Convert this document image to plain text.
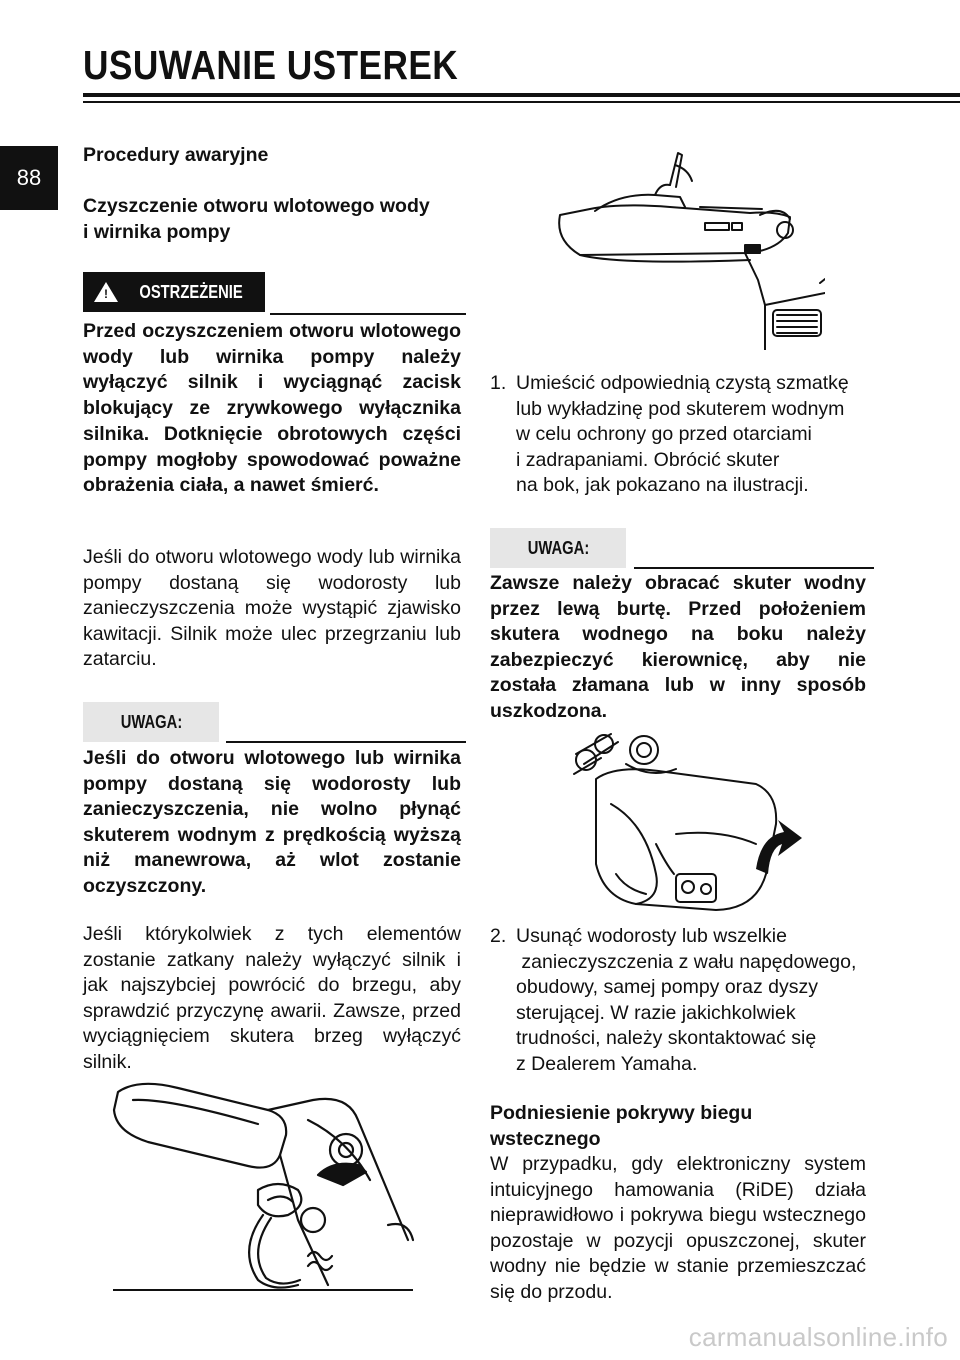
USUWANIE USTEREK
88
Procedury awaryjne
Czyszczenie otworu wlotowego wody
i wirnika pompy
! OSTRZEŻENIE
Przed oczyszczeniem otworu wlotowego wody lub wirnika pompy należy wyłączyć silnik i wyciągnąć zacisk blokujący ze zrywkowego wyłącznika silnika. Dotknięcie obrotowych części pompy mogłoby spowodować poważne obrażenia ciała, a nawet śmierć.
Jeśli do otworu wlotowego wody lub wirnika pompy dostaną się wodorosty lub zanieczyszczenia może wystąpić zjawisko kawitacji. Silnik może ulec przegrzaniu lub zatarciu.
UWAGA:
Jeśli do otworu wlotowego lub wirnika pompy dostaną się wodorosty lub zanieczyszczenia, nie wolno płynąć skuterem wodnym z prędkością wyższą niż manewrowa, aż wlot zostanie oczyszczony.
Jeśli którykolwiek z tych elementów zostanie zatkany należy wyłączyć silnik i jak najszybciej powrócić do brzegu, aby sprawdzić przyczynę awarii. Zawsze, przed wyciągnięciem skutera brzeg wyłączyć silnik.
1. Umieścić odpowiednią czystą szmatkę
lub wykładzinę pod skuterem wodnym
w celu ochrony go przed otarciami
i zadrapaniami. Obrócić skuter
na bok, jak pokazano na ilustracji.
UWAGA:
Zawsze należy obracać skuter wodny przez lewą burtę. Przed położeniem skutera wodnego na boku należy zabezpieczyć kierownicę, aby nie została złamana lub w inny sposób uszkodzona.
2. Usunąć wodorosty lub wszelkie
zanieczyszczenia z wału napędowego,
obudowy, samej pompy oraz dyszy
sterującej. W razie jakichkolwiek
trudności, należy skontaktować się
z Dealerem Yamaha.
Podniesienie pokrywy biegu
wstecznego
W przypadku, gdy elektroniczny system intuicyjnego hamowania (RiDE) działa nieprawidłowo i pokrywa biegu wstecznego pozostaje w pozycji opuszczonej, skuter wodny nie będzie w stanie przemieszczać się do przodu.
carmanualsonline.info
